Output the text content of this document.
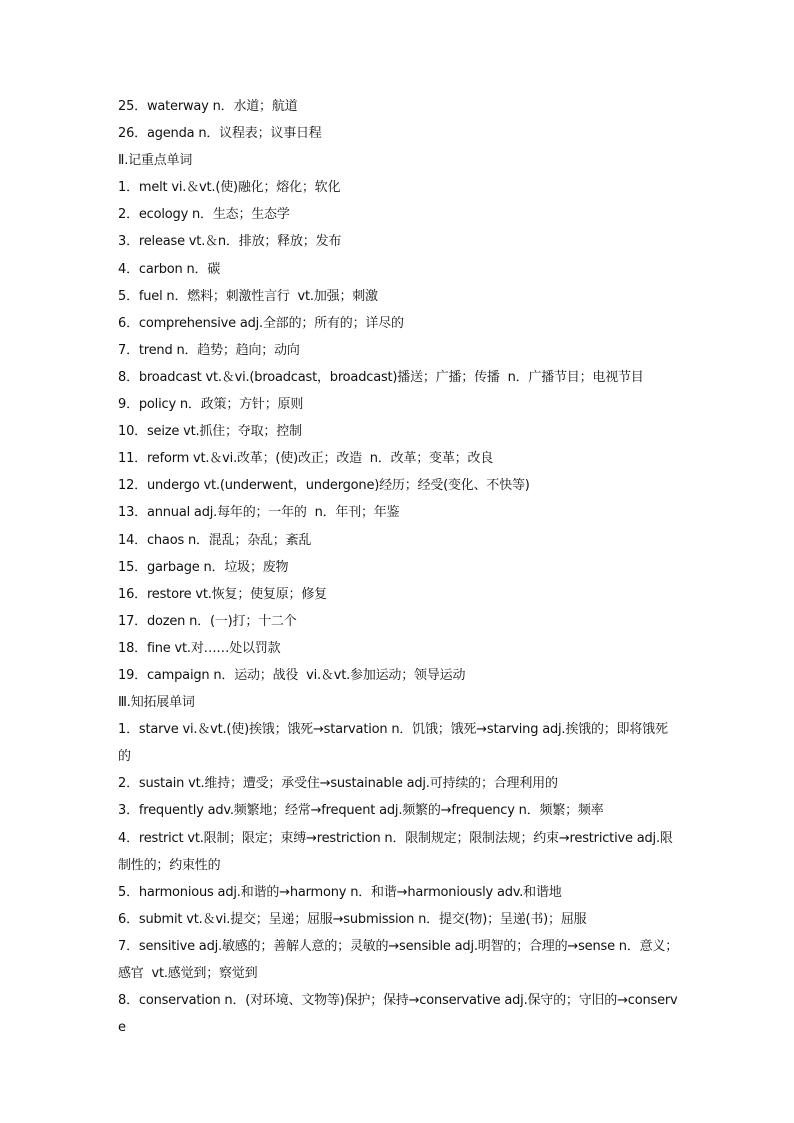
25．waterway n．水道；航道
26．agenda n．议程表；议事日程
Ⅱ.记重点单词
1．melt vi.＆vt.(使)融化；熔化；软化
2．ecology n．生态；生态学
3．release vt.＆n．排放；释放；发布
4．carbon n．碳
5．fuel n．燃料；刺激性言行  vt.加强；刺激
6．comprehensive adj.全部的；所有的；详尽的
7．trend n．趋势；趋向；动向
8．broadcast vt.＆vi.(broadcast，broadcast)播送；广播；传播  n．广播节目；电视节目
9．policy n．政策；方针；原则
10．seize vt.抓住；夺取；控制
11．reform vt.＆vi.改革；(使)改正；改造  n．改革；变革；改良
12．undergo vt.(underwent，undergone)经历；经受(变化、不快等)
13．annual adj.每年的；一年的  n．年刊；年鉴
14．chaos n．混乱；杂乱；紊乱
15．garbage n．垃圾；废物
16．restore vt.恢复；使复原；修复
17．dozen n．(一)打；十二个
18．fine vt.对……处以罚款
19．campaign n．运动；战役  vi.＆vt.参加运动；领导运动
Ⅲ.知拓展单词
1．starve vi.＆vt.(使)挨饿；饿死→starvation n．饥饿；饿死→starving adj.挨饿的；即将饿死
的
2．sustain vt.维持；遭受；承受住→sustainable adj.可持续的；合理利用的
3．frequently adv.频繁地；经常→frequent adj.频繁的→frequency n．频繁；频率
4．restrict vt.限制；限定；束缚→restriction n．限制规定；限制法规；约束→restrictive adj.限
制性的；约束性的
5．harmonious adj.和谐的→harmony n．和谐→harmoniously adv.和谐地
6．submit vt.＆vi.提交；呈递；屈服→submission n．提交(物)；呈递(书)；屈服
7．sensitive adj.敏感的；善解人意的；灵敏的→sensible adj.明智的；合理的→sense n．意义；
感官  vt.感觉到；察觉到
8．conservation n．(对环境、文物等)保护；保持→conservative adj.保守的；守旧的→conserve
